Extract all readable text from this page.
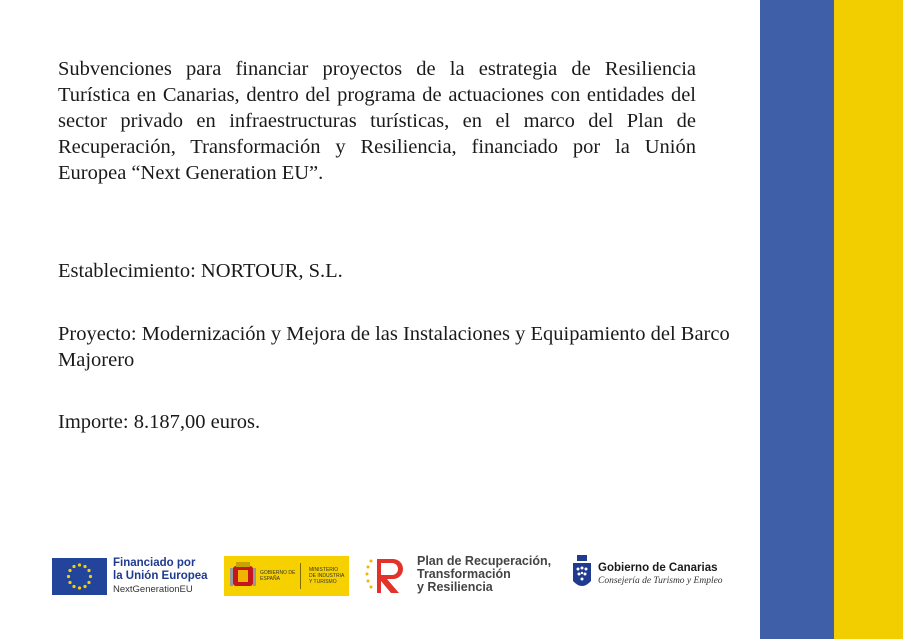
Subvenciones para financiar proyectos de la estrategia de Resiliencia Turística en Canarias, dentro del programa de actuaciones con entidades del sector privado en infraestructuras turísticas, en el marco del Plan de Recuperación, Transformación y Resiliencia, financiado por la Unión Europea “Next Generation EU”.

Establecimiento: NORTOUR, S.L.

Proyecto: Modernización y Mejora de las Instalaciones y Equipamiento del Barco Majorero

Importe: 8.187,00 euros.

Financiado por
la Unión Europea
NextGenerationEU
GOBIERNO DE ESPAÑA
MINISTERIO DE INDUSTRIA Y TURISMO
Plan de Recuperación,
Transformación
y Resiliencia
Gobierno de Canarias
Consejería de Turismo y Empleo
